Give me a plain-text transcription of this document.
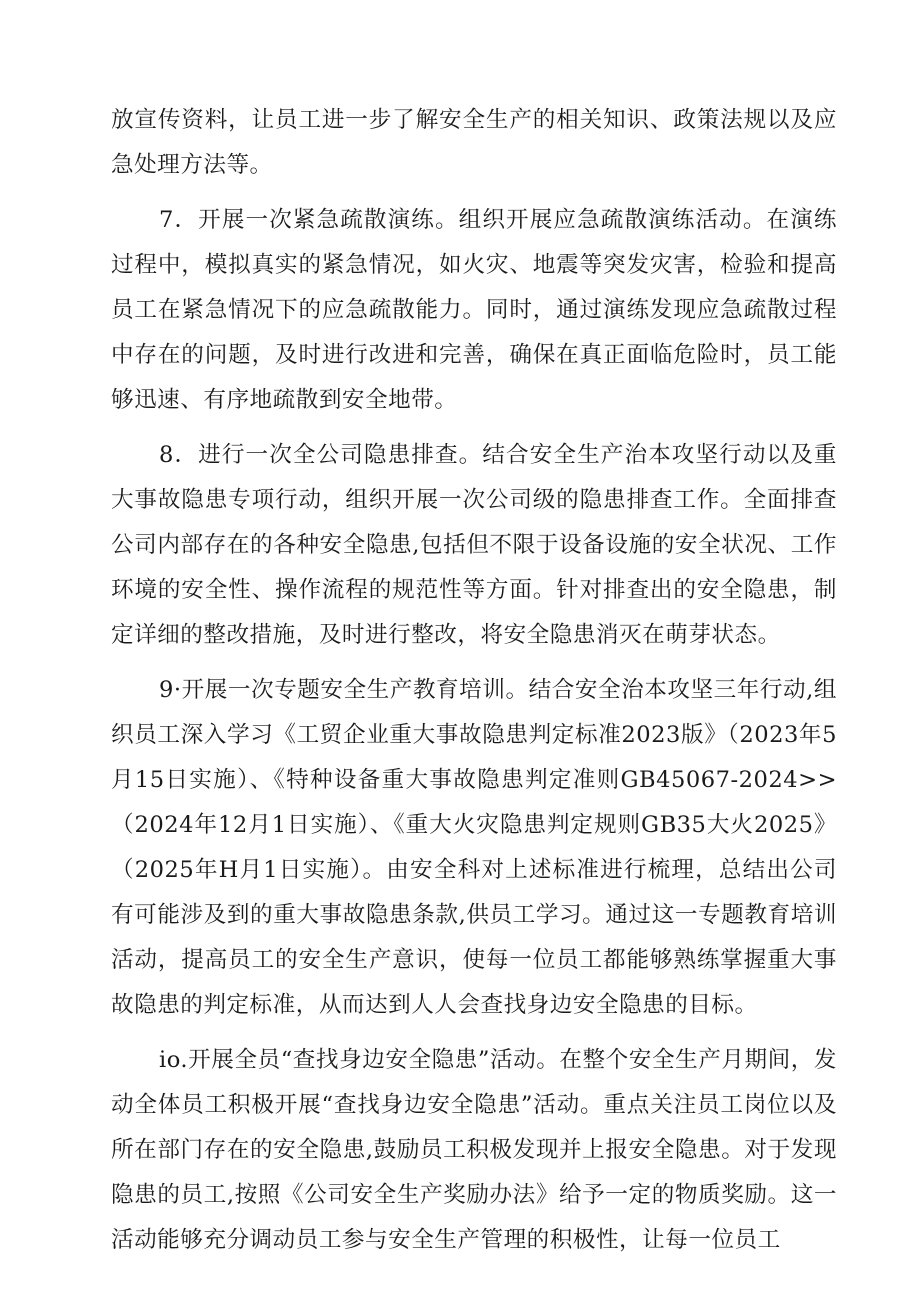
放宣传资料，让员工进一步了解安全生产的相关知识、政策法规以及应急处理方法等。

7．开展一次紧急疏散演练。组织开展应急疏散演练活动。在演练过程中，模拟真实的紧急情况，如火灾、地震等突发灾害，检验和提高员工在紧急情况下的应急疏散能力。同时，通过演练发现应急疏散过程中存在的问题，及时进行改进和完善，确保在真正面临危险时，员工能够迅速、有序地疏散到安全地带。

8．进行一次全公司隐患排查。结合安全生产治本攻坚行动以及重大事故隐患专项行动，组织开展一次公司级的隐患排查工作。全面排查公司内部存在的各种安全隐患,包括但不限于设备设施的安全状况、工作环境的安全性、操作流程的规范性等方面。针对排查出的安全隐患，制定详细的整改措施，及时进行整改，将安全隐患消灭在萌芽状态。

9·开展一次专题安全生产教育培训。结合安全治本攻坚三年行动,组织员工深入学习《工贸企业重大事故隐患判定标准2023版》（2023年5月15日实施）、《特种设备重大事故隐患判定准则GB45067-2024>>（2024年12月1日实施）、《重大火灾隐患判定规则GB35大火2025》（2025年H月1日实施）。由安全科对上述标准进行梳理，总结出公司有可能涉及到的重大事故隐患条款,供员工学习。通过这一专题教育培训活动，提高员工的安全生产意识，使每一位员工都能够熟练掌握重大事故隐患的判定标准，从而达到人人会查找身边安全隐患的目标。

io.开展全员“查找身边安全隐患”活动。在整个安全生产月期间，发动全体员工积极开展“查找身边安全隐患”活动。重点关注员工岗位以及所在部门存在的安全隐患,鼓励员工积极发现并上报安全隐患。对于发现隐患的员工,按照《公司安全生产奖励办法》给予一定的物质奖励。这一活动能够充分调动员工参与安全生产管理的积极性，让每一位员工
